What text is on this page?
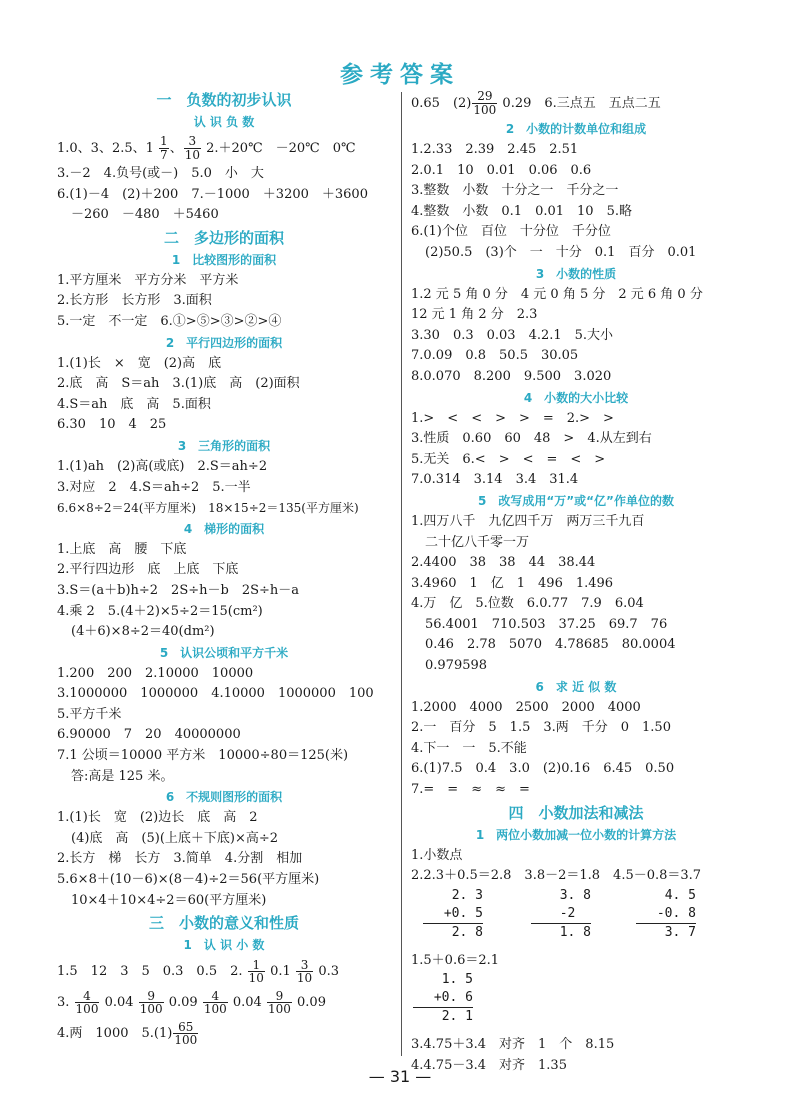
参考答案
一　负数的初步认识
认 识 负 数
1.0、3、2.5、$1 \frac{1}{7}$ 、 $\frac{3}{10}$ 2.＋20℃　－20℃　0℃
3.－2　4.负号(或－)　5.0　小　大
6.(1)－4　(2)＋200　7.－1000　＋3200　＋3600
－260　－480　＋5460
二　多边形的面积
1　比较图形的面积
1.平方厘米　平方分米　平方米
2.长方形　长方形　3.面积
5.一定　不一定　6.①>⑤>③>②>④
2　平行四边形的面积
1.(1)长　×　宽　(2)高　底
2.底　高　S＝ah　3.(1)底　高　(2)面积
4.S＝ah　底　高　5.面积
6.30　10　4　25
3　三角形的面积
1.(1)ah　(2)高(或底)　2.S＝ah÷2
3.对应　2　4.S＝ah÷2　5.一半
6.6×8÷2＝24(平方厘米)　18×15÷2＝135(平方厘米)
4　梯形的面积
1.上底　高　腰　下底
2.平行四边形　底　上底　下底
3.S＝(a＋b)h÷2　2S÷h－b　2S÷h－a
4.乘 2　5.(4＋2)×5÷2＝15(cm²)
(4＋6)×8÷2＝40(dm²)
5　认识公顷和平方千米
1.200　200　2.10000　10000
3.1000000　1000000　4.10000　1000000　100
5.平方千米
6.90000　7　20　40000000
7.1 公顷＝10000 平方米　10000÷80＝125(米)
答:高是 125 米。
6　不规则图形的面积
1.(1)长　宽　(2)边长　底　高　2
(4)底　高　(5)(上底＋下底)×高÷2
2.长方　梯　长方　3.简单　4.分割　相加
5.6×8＋(10－6)×(8－4)÷2＝56(平方厘米)
10×4＋10×4÷2＝60(平方厘米)
三　小数的意义和性质
1　认 识 小 数
1.5　12　3　5　0.3　0.5　2. $\frac{1}{10} 0.1 \frac{3}{10} 0.3$
3. $\frac{4}{100} 0.04 \frac{9}{100} 0.09 \frac{4}{100} 0.04 \frac{9}{100} 0.09$
4.两　1000　$5.(1) \frac{65}{100}$
0.65　$(2) \frac{29}{100} 0.29$　6.三点五　五点二五
2　小数的计数单位和组成
1.2.33　2.39　2.45　2.51
2.0.1　10　0.01　0.06　0.6
3.整数　小数　十分之一　千分之一
4.整数　小数　0.1　0.01　10　5.略
6.(1)个位　百位　十分位　千分位
(2)50.5　(3)个　一　十分　0.1　百分　0.01
3　小数的性质
1.2 元 5 角 0 分　4 元 0 角 5 分　2 元 6 角 0 分
12 元 1 角 2 分　2.3
3.30　0.3　0.03　4.2.1　5.大小
7.0.09　0.8　50.5　30.05
8.0.070　8.200　9.500　3.020
4　小数的大小比较
1.>　<　<　>　>　=　2.>　>
3.性质　0.60　60　48　>　4.从左到右
5.无关　6.<　>　<　=　<　>
7.0.314　3.14　3.4　31.4
5　改写成用“万”或“亿”作单位的数
1.四万八千　九亿四千万　两万三千九百
二十亿八千零一万
2.4400　38　38　44　38.44
3.4960　1　亿　1　496　1.496
4.万　亿　5.位数　6.0.77　7.9　6.04
56.4001　710.503　37.25　69.7　76
0.46　2.78　5070　4.78685　80.0004
0.979598
6　求 近 似 数
1.2000　4000　2500　2000　4000
2.一　百分　5　1.5　3.两　千分　0　1.50
4.下一　一　5.不能
6.(1)7.5　0.4　3.0　(2)0.16　6.45　0.50
7.=　=　≈　≈　=
四　小数加法和减法
1　两位小数加减一位小数的计算方法
1.小数点
2.2.3＋0.5＝2.8　3.8－2＝1.8　4.5－0.8＝3.7
2. 3
+0. 5
2. 8
3. 8
-2
1. 8
4. 5
-0. 8
3. 7
1.5＋0.6＝2.1
1. 5
+0. 6
2. 1
3.4.75＋3.4　对齐　1　个　8.15
4.4.75－3.4　对齐　1.35
— 31 —
